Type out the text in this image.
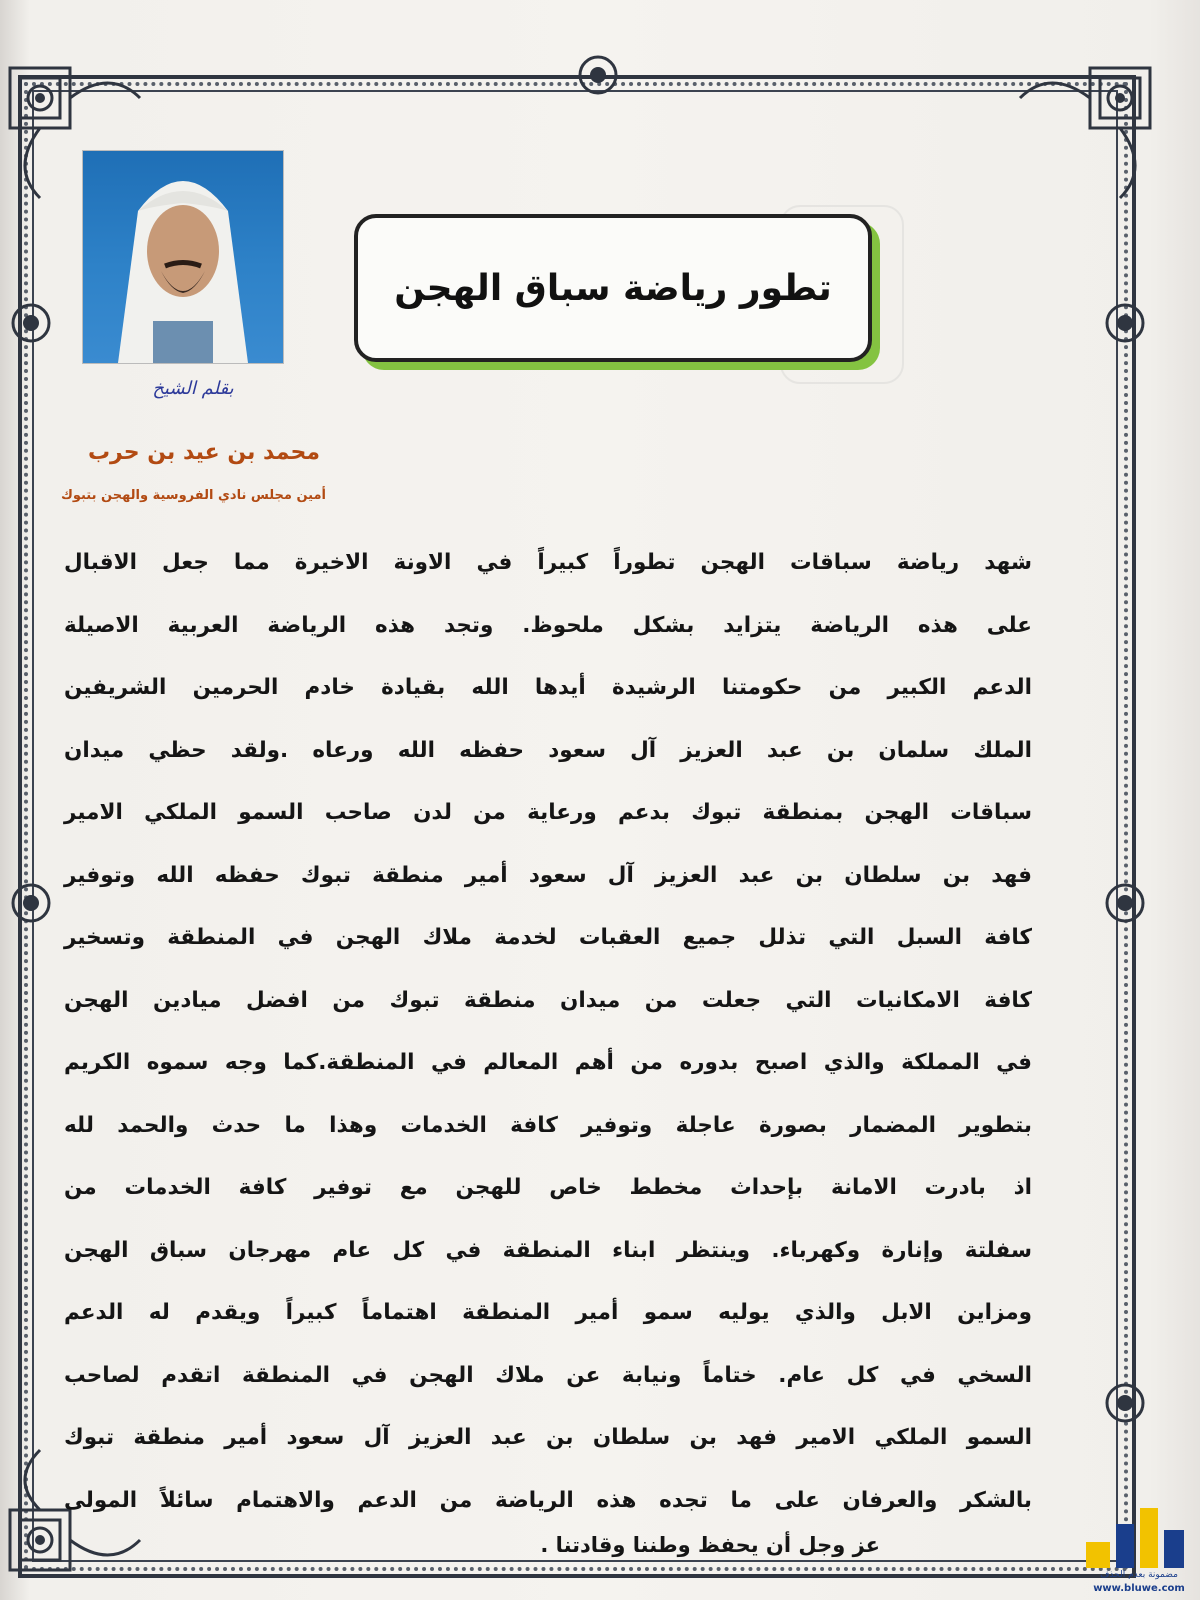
تطور رياضة سباق الهجن
بقلم الشيخ
محمد بن عيد بن حرب
أمين مجلس نادي الفروسية والهجن بتبوك
شهد رياضة سباقات الهجن تطوراً كبيراً في الاونة الاخيرة مما جعل الاقبال
على هذه الرياضة يتزايد بشكل ملحوظ. وتجد هذه الرياضة العربية الاصيلة
الدعم الكبير من حكومتنا الرشيدة أيدها الله بقيادة خادم الحرمين الشريفين
الملك سلمان بن عبد العزيز آل سعود حفظه الله ورعاه .ولقد حظي ميدان
سباقات الهجن بمنطقة تبوك بدعم ورعاية من لدن صاحب السمو الملكي الامير
فهد بن سلطان بن عبد العزيز آل سعود أمير منطقة تبوك حفظه الله وتوفير
كافة السبل التي تذلل جميع العقبات لخدمة ملاك الهجن في المنطقة وتسخير
كافة الامكانيات التي جعلت من ميدان منطقة تبوك من افضل ميادين الهجن
في المملكة والذي اصبح بدوره من أهم المعالم في المنطقة.كما وجه سموه الكريم
بتطوير المضمار بصورة عاجلة وتوفير كافة الخدمات وهذا ما حدث والحمد لله
اذ بادرت الامانة بإحداث مخطط خاص للهجن مع توفير كافة الخدمات من
سفلتة وإنارة وكهرباء. وينتظر ابناء المنطقة في كل عام مهرجان سباق الهجن
ومزاين الابل والذي يوليه سمو أمير المنطقة اهتماماً كبيراً ويقدم له الدعم
السخي في كل عام. ختاماً ونيابة عن ملاك الهجن في المنطقة اتقدم لصاحب
السمو الملكي الامير فهد بن سلطان بن عبد العزيز آل سعود أمير منطقة تبوك
بالشكر والعرفان على ما تجده هذه الرياضة من الدعم والاهتمام سائلاً المولى
عز وجل أن يحفظ وطننا وقادتنا .
مضمونة بعدم الحذف
www.bluwe.com
